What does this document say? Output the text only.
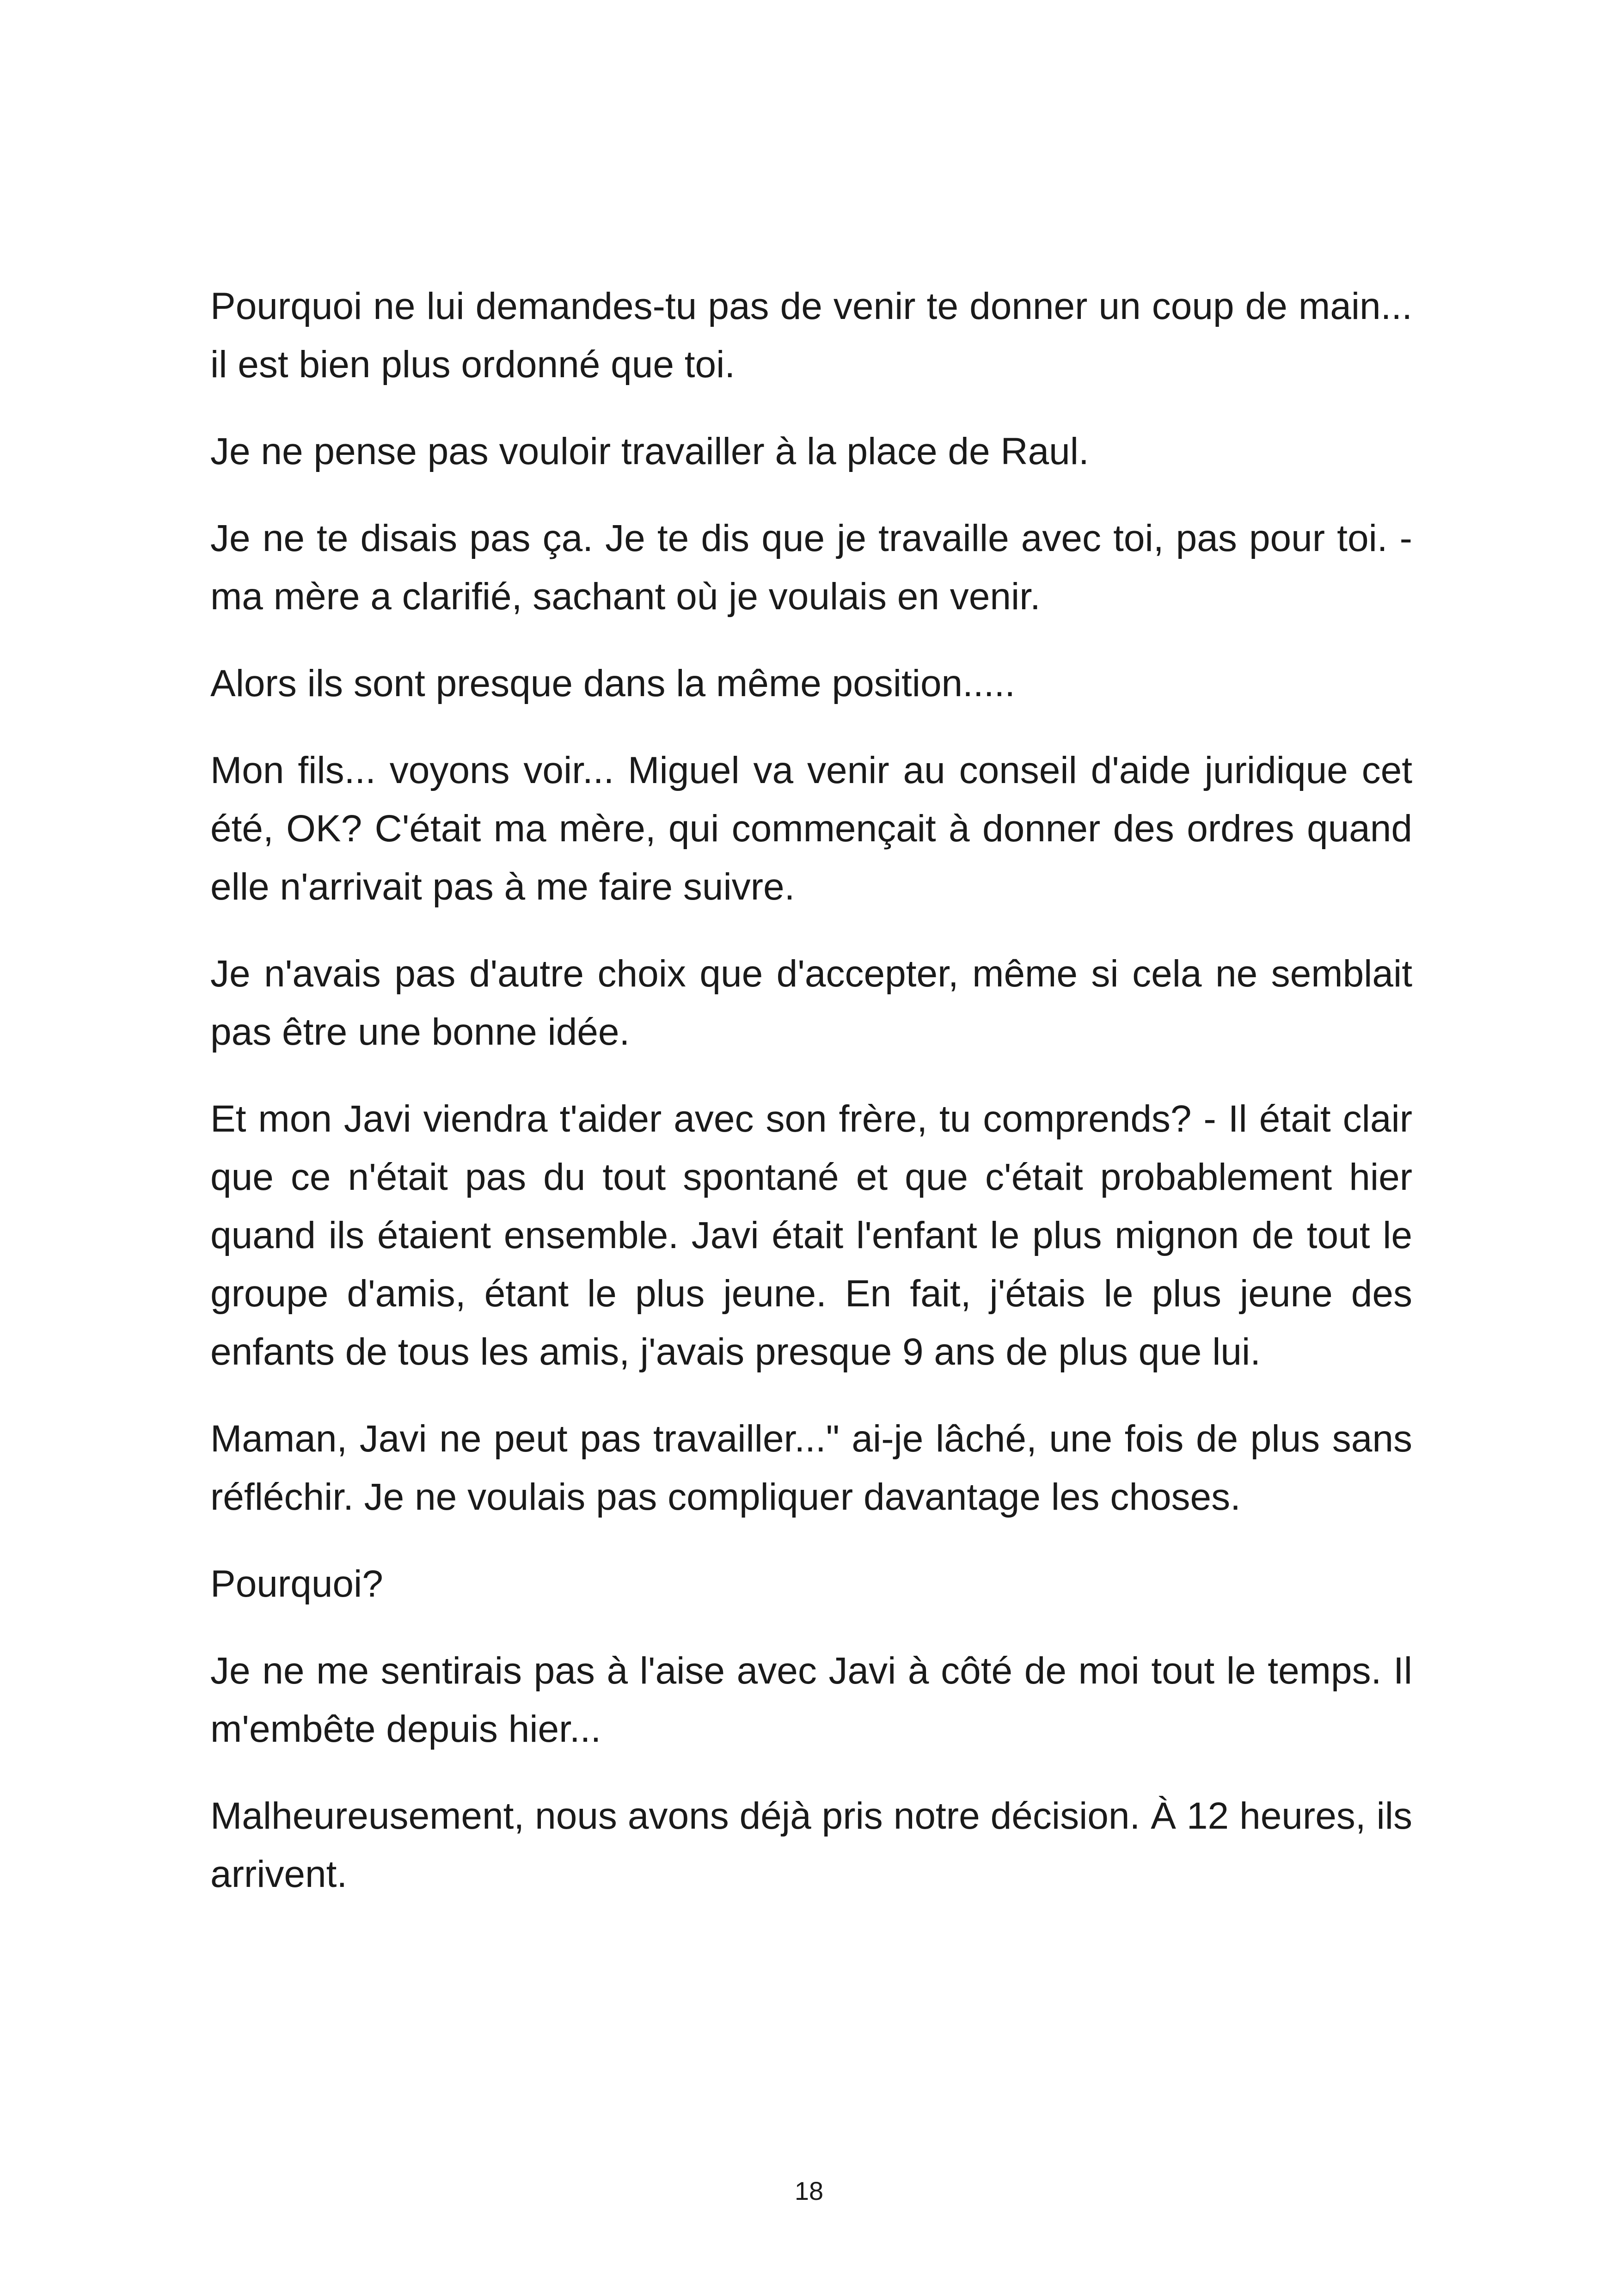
Pourquoi ne lui demandes-tu pas de venir te donner un coup de main... il est bien plus ordonné que toi.

Je ne pense pas vouloir travailler à la place de Raul.

Je ne te disais pas ça. Je te dis que je travaille avec toi, pas pour toi. - ma mère a clarifié, sachant où je voulais en venir.

Alors ils sont presque dans la même position.....

Mon fils... voyons voir... Miguel va venir au conseil d'aide juridique cet été, OK? C'était ma mère, qui commençait à donner des ordres quand elle n'arrivait pas à me faire suivre.

Je n'avais pas d'autre choix que d'accepter, même si cela ne semblait pas être une bonne idée.

Et mon Javi viendra t'aider avec son frère, tu comprends? - Il était clair que ce n'était pas du tout spontané et que c'était probablement hier quand ils étaient ensemble. Javi était l'enfant le plus mignon de tout le groupe d'amis, étant le plus jeune. En fait, j'étais le plus jeune des enfants de tous les amis, j'avais presque 9 ans de plus que lui.

Maman, Javi ne peut pas travailler..." ai-je lâché, une fois de plus sans réfléchir. Je ne voulais pas compliquer davantage les choses.

Pourquoi?

Je ne me sentirais pas à l'aise avec Javi à côté de moi tout le temps. Il m'embête depuis hier...

Malheureusement, nous avons déjà pris notre décision. À 12 heures, ils arrivent.

18
